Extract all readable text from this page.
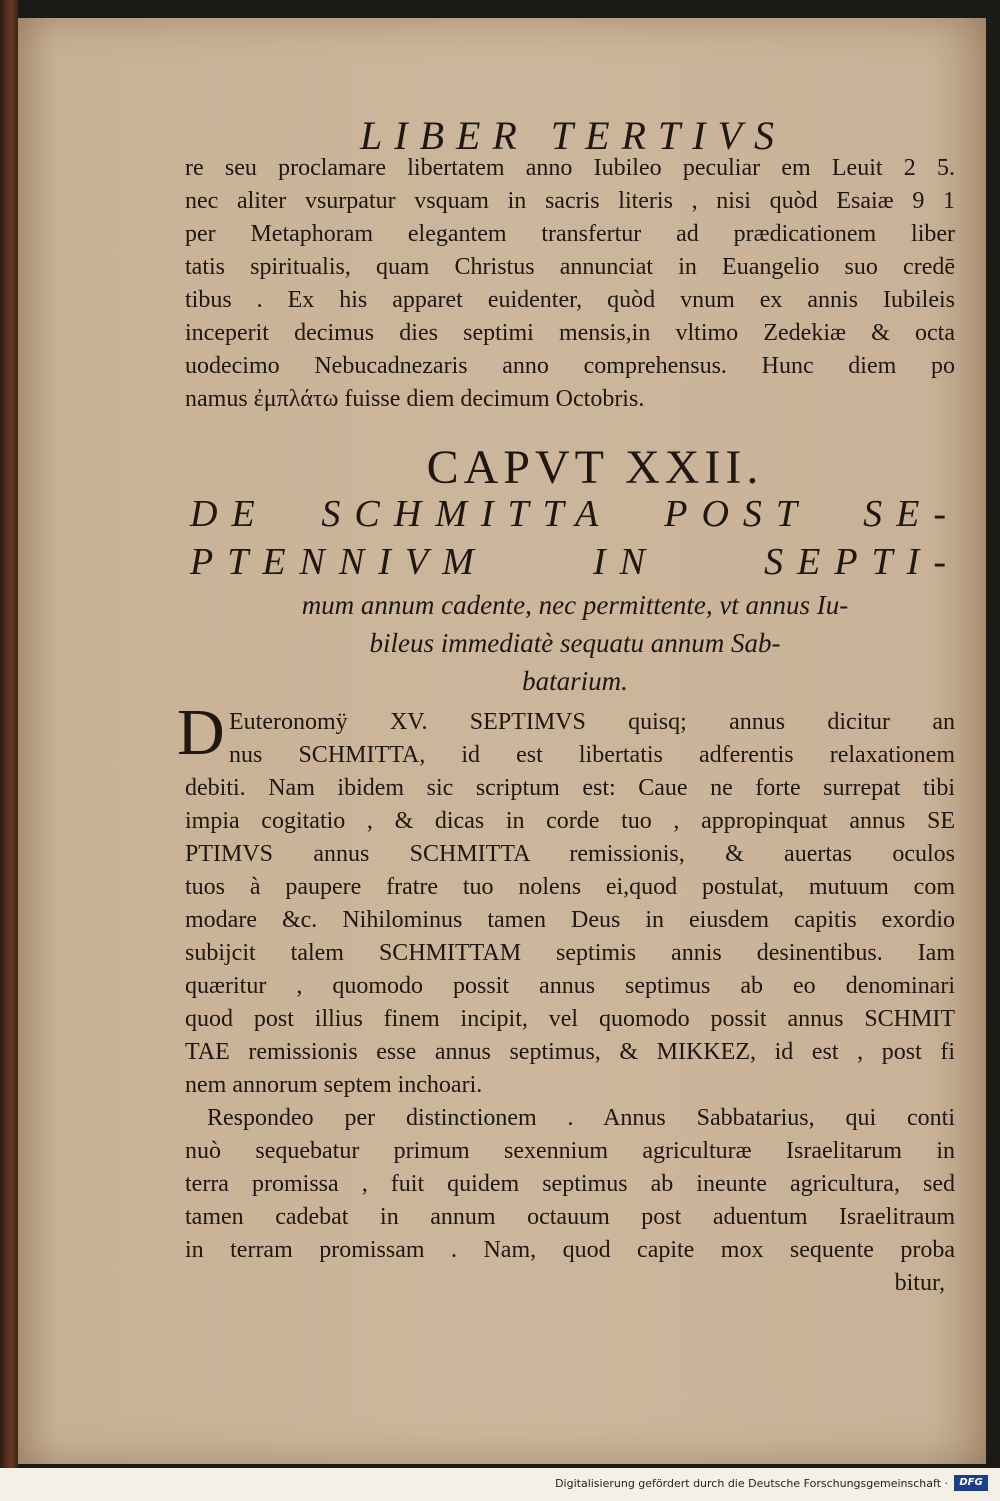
LIBER TERTIVS
re seu proclamare libertatem anno Iubileo peculiar em Leuit 2 5.
nec aliter vsurpatur vsquam in sacris literis , nisi quòd Esaiæ 9 1
per Metaphoram elegantem transfertur ad prædicationem liber
tatis spiritualis, quam Christus annunciat in Euangelio suo credē
tibus . Ex his apparet euidenter, quòd vnum ex annis Iubileis
inceperit decimus dies septimi mensis,in vltimo Zedekiæ & octa
uodecimo Nebucadnezaris anno comprehensus. Hunc diem po
namus ἐμπλάτω fuisse diem decimum Octobris.
CAPVT XXII.
DE SCHMITTA POST SE-
PTENNIVM IN SEPTI-
mum annum cadente, nec permittente, vt annus Iu-
bileus immediatè sequatu annum Sab-
batarium.
D Euteronomÿ XV. SEPTIMVS quisq; annus dicitur an
nus SCHMITTA, id est libertatis adferentis relaxationem
debiti. Nam ibidem sic scriptum est: Caue ne forte surrepat tibi
impia cogitatio , & dicas in corde tuo , appropinquat annus SE
PTIMVS annus SCHMITTA remissionis, & auertas oculos
tuos à paupere fratre tuo nolens ei,quod postulat, mutuum com
modare &c. Nihilominus tamen Deus in eiusdem capitis exordio
subijcit talem SCHMITTAM septimis annis desinentibus. Iam
quæritur , quomodo possit annus septimus ab eo denominari
quod post illius finem incipit, vel quomodo possit annus SCHMIT
TAE remissionis esse annus septimus, & MIKKEZ, id est , post fi
nem annorum septem inchoari.
Respondeo per distinctionem . Annus Sabbatarius, qui conti
nuò sequebatur primum sexennium agriculturæ Israelitarum in
terra promissa , fuit quidem septimus ab ineunte agricultura, sed
tamen cadebat in annum octauum post aduentum Israelitraum
in terram promissam . Nam, quod capite mox sequente proba
bitur,
Digitalisierung gefördert durch die Deutsche Forschungsgemeinschaft ·	DFG
